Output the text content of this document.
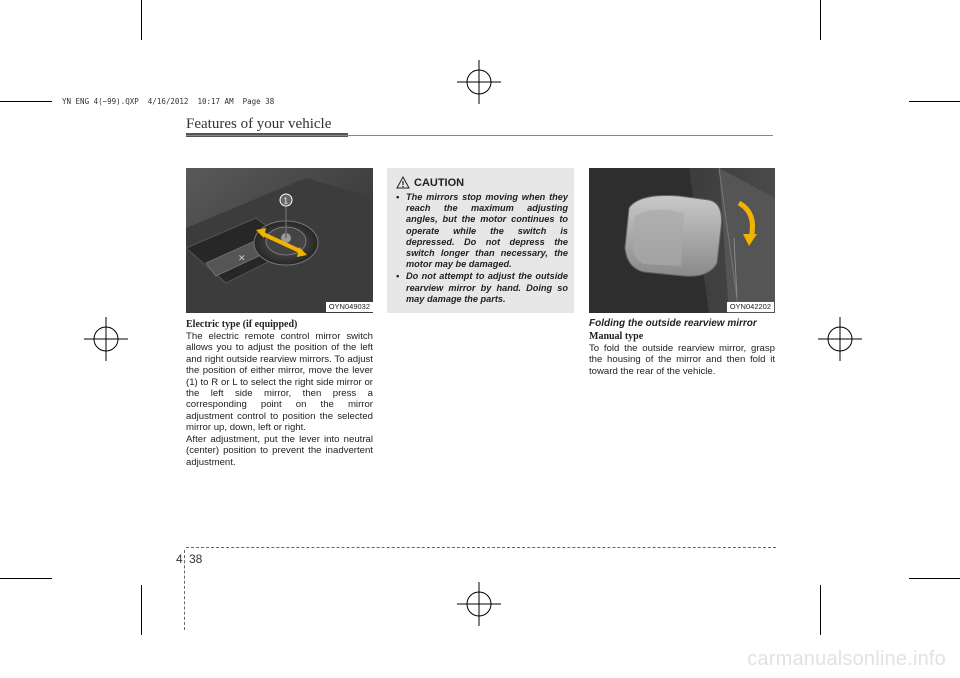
YN ENG 4(~99).QXP  4/16/2012  10:17 AM  Page 38
Features of your vehicle
✕
1
OYN049032
Electric type (if equipped)
The electric remote control mirror switch allows you to adjust the position of the left and right outside rearview mirrors. To adjust the position of either mirror, move the lever (1) to R or L to select the right side mirror or the left side mirror, then press a corresponding point on the mirror adjustment control to position the selected mirror up, down, left or right.
After adjustment, put the lever into neutral (center) position to prevent the inadvertent adjustment.
CAUTION
• The mirrors stop moving when they reach the maximum adjusting angles, but the motor continues to operate while the switch is depressed. Do not depress the switch longer than necessary, the motor may be damaged.
• Do not attempt to adjust the outside rearview mirror by hand. Doing so may damage the parts.
OYN042202
Folding the outside rearview mirror
Manual type
To fold the outside rearview mirror, grasp the housing of the mirror and then fold it toward the rear of the vehicle.
4 38
carmanualsonline.info
